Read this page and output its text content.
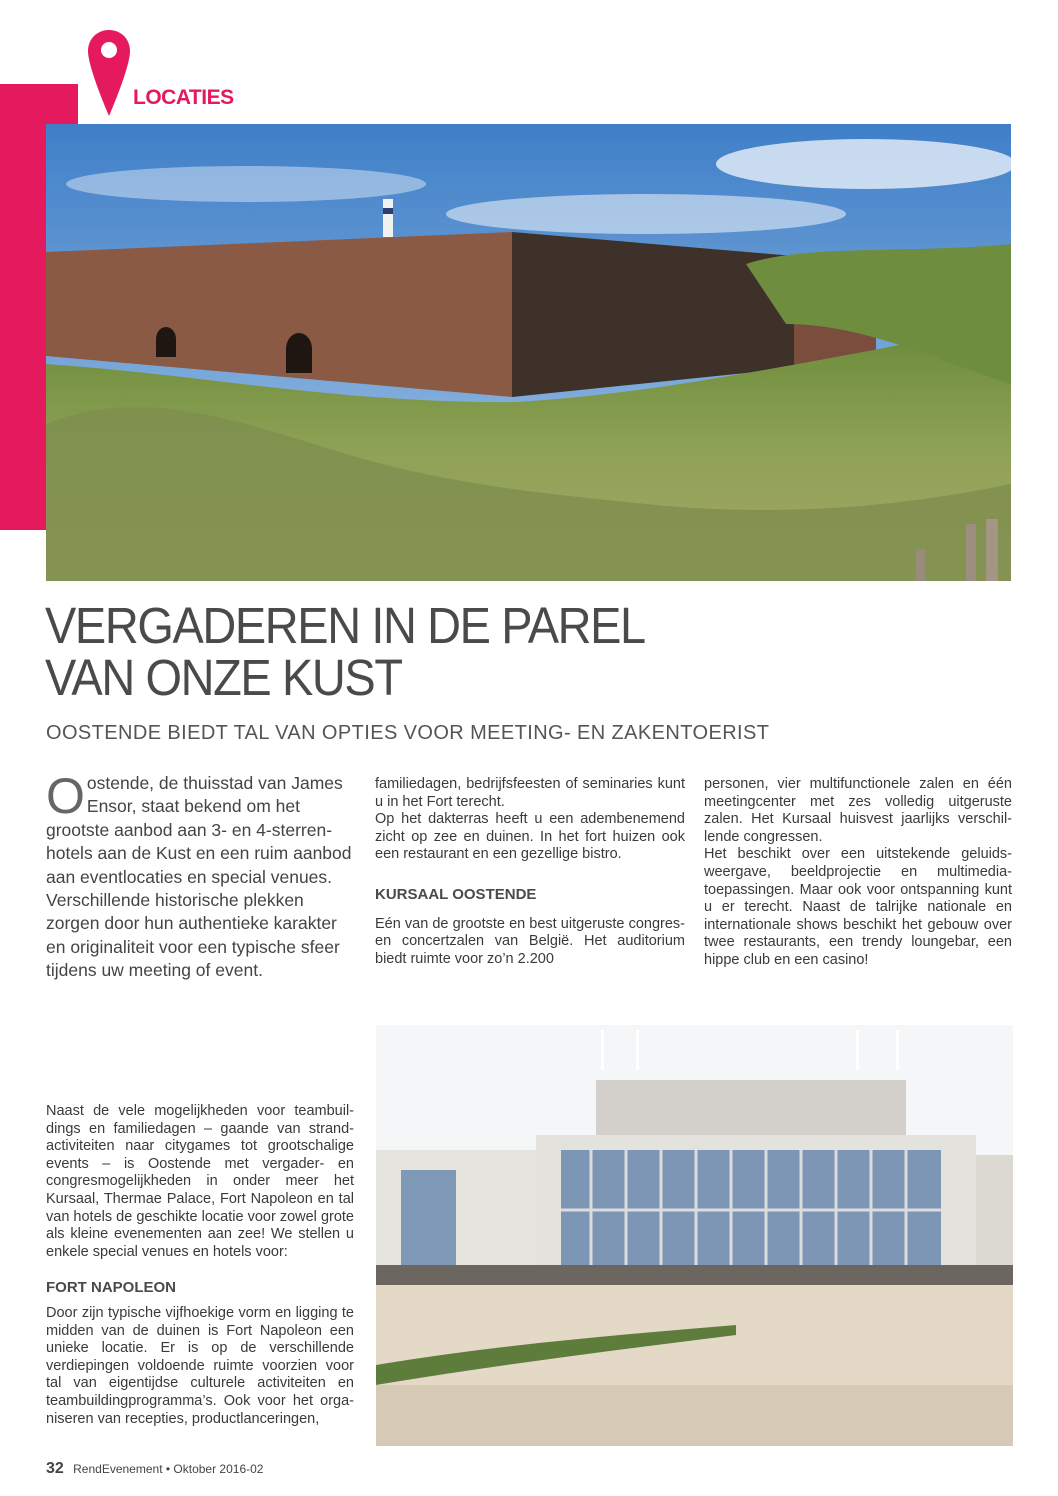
LOCATIES
VERGADEREN IN DE PAREL
VAN ONZE KUST
OOSTENDE BIEDT TAL VAN OPTIES VOOR MEETING- EN ZAKENTOERIST
Oostende, de thuisstad van James Ensor, staat bekend om het grootste aanbod aan 3- en 4-sterren-hotels aan de Kust en een ruim aanbod aan eventlocaties en special venues. Verschillende historische plekken zorgen door hun authentieke karakter en originaliteit voor een typische sfeer tijdens uw meeting of event.

familiedagen, bedrijfsfeesten of seminaries kunt u in het Fort terecht.

Op het dakterras heeft u een adembenemend zicht op zee en duinen. In het fort huizen ook een restaurant en een gezellige bistro.

KURSAAL OOSTENDE

Eén van de grootste en best uitgeruste congres- en concertzalen van België. Het auditorium biedt ruimte voor zo’n 2.200

personen, vier multifunctionele zalen en één meetingcenter met zes volledig uitgeruste zalen. Het Kursaal huisvest jaarlijks verschil-lende congressen.

Het beschikt over een uitstekende geluids-weergave, beeldprojectie en multimedia-toepassingen. Maar ook voor ontspanning kunt u er terecht. Naast de talrijke nationale en internationale shows beschikt het gebouw over twee restaurants, een trendy loungebar, een hippe club en een casino!

Naast de vele mogelijkheden voor teambuil-dings en familiedagen – gaande van strand-activiteiten naar citygames tot grootschalige events – is Oostende met vergader- en congresmogelijkheden in onder meer het Kursaal, Thermae Palace, Fort Napoleon en tal van hotels de geschikte locatie voor zowel grote als kleine evenementen aan zee! We stellen u enkele special venues en hotels voor:

FORT NAPOLEON

Door zijn typische vijfhoekige vorm en ligging te midden van de duinen is Fort Napoleon een unieke locatie. Er is op de verschillende verdiepingen voldoende ruimte voorzien voor tal van eigentijdse culturele activiteiten en teambuildingprogramma’s. Ook voor het orga-niseren van recepties, productlanceringen,

32 RendEvenement • Oktober 2016-02
